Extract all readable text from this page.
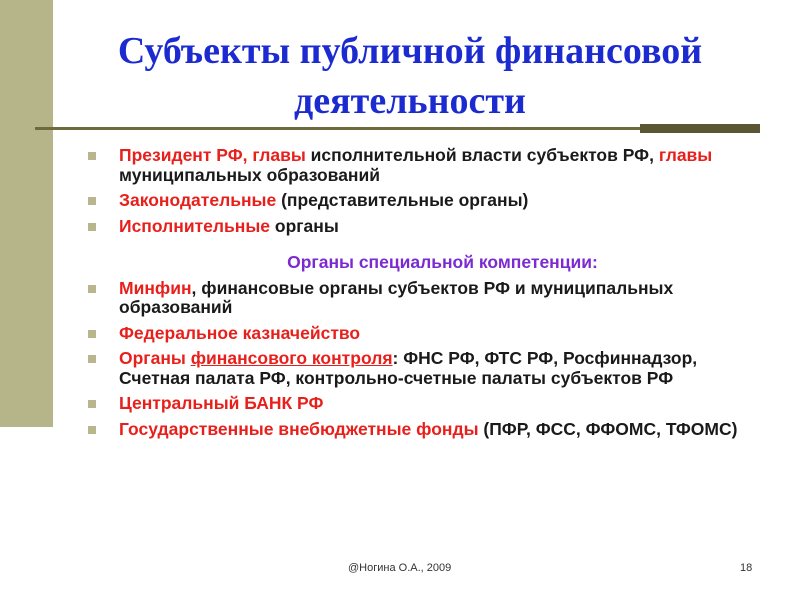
Субъекты публичной финансовой деятельности
Президент РФ, главы исполнительной власти субъектов РФ, главы муниципальных образований
Законодательные (представительные органы)
Исполнительные органы
Органы специальной компетенции:
Минфин, финансовые органы субъектов РФ и муниципальных образований
Федеральное казначейство
Органы финансового контроля: ФНС РФ, ФТС РФ, Росфиннадзор, Счетная палата РФ, контрольно-счетные палаты субъектов РФ
Центральный БАНК РФ
Государственные внебюджетные фонды (ПФР, ФСС, ФФОМС, ТФОМС)
@Ногина О.А., 2009	18
